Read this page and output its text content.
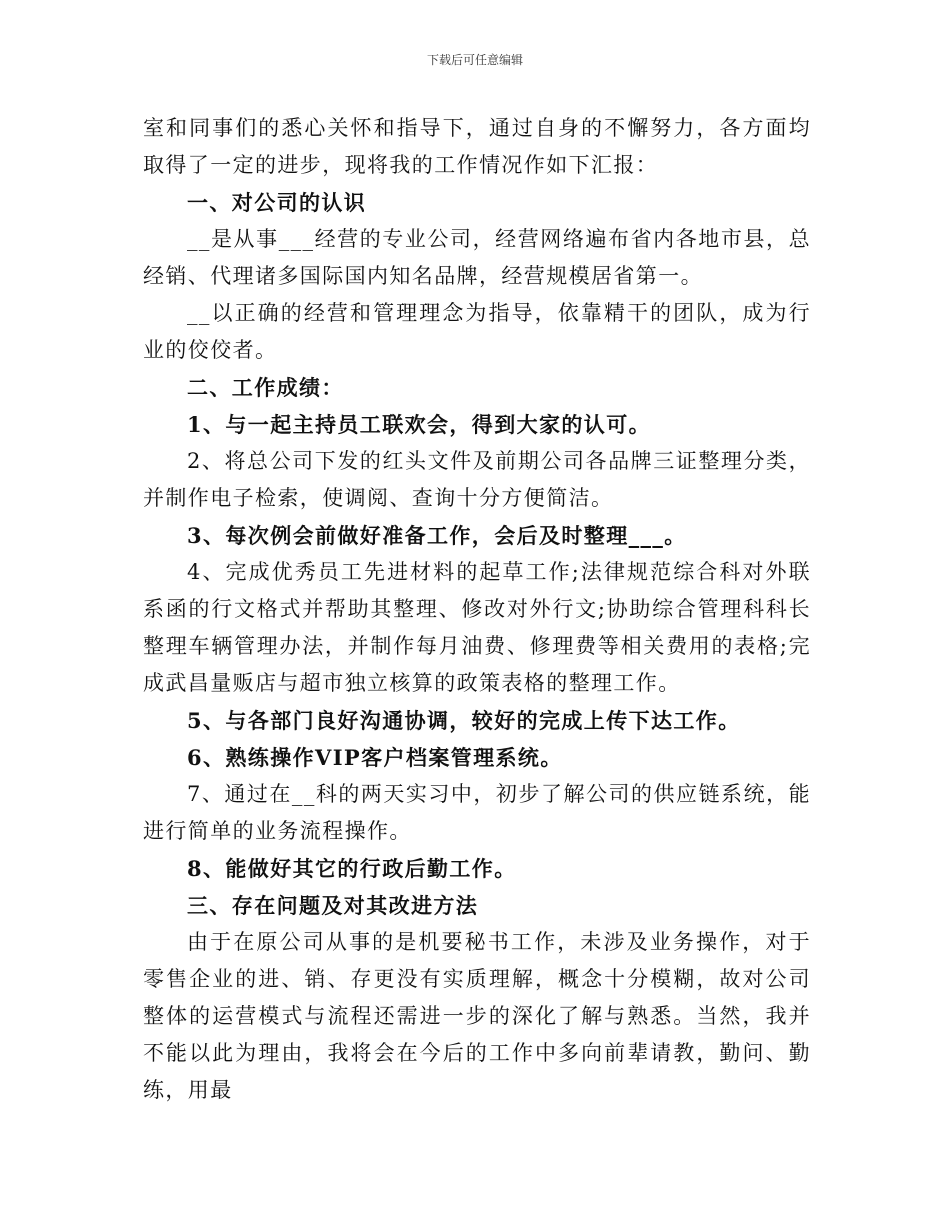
下载后可任意编辑

室和同事们的悉心关怀和指导下，通过自身的不懈努力，各方面均取得了一定的进步，现将我的工作情况作如下汇报：

一、对公司的认识

__是从事___经营的专业公司，经营网络遍布省内各地市县，总经销、代理诸多国际国内知名品牌，经营规模居省第一。

__以正确的经营和管理理念为指导，依靠精干的团队，成为行业的佼佼者。

二、工作成绩：

1、与一起主持员工联欢会，得到大家的认可。

2、将总公司下发的红头文件及前期公司各品牌三证整理分类，并制作电子检索，使调阅、查询十分方便简洁。

3、每次例会前做好准备工作，会后及时整理___。

4、完成优秀员工先进材料的起草工作;法律规范综合科对外联系函的行文格式并帮助其整理、修改对外行文;协助综合管理科科长整理车辆管理办法，并制作每月油费、修理费等相关费用的表格;完成武昌量贩店与超市独立核算的政策表格的整理工作。

5、与各部门良好沟通协调，较好的完成上传下达工作。

6、熟练操作VIP客户档案管理系统。

7、通过在__科的两天实习中，初步了解公司的供应链系统，能进行简单的业务流程操作。

8、能做好其它的行政后勤工作。

三、存在问题及对其改进方法

由于在原公司从事的是机要秘书工作，未涉及业务操作，对于零售企业的进、销、存更没有实质理解，概念十分模糊，故对公司整体的运营模式与流程还需进一步的深化了解与熟悉。当然，我并不能以此为理由，我将会在今后的工作中多向前辈请教，勤问、勤练，用最
